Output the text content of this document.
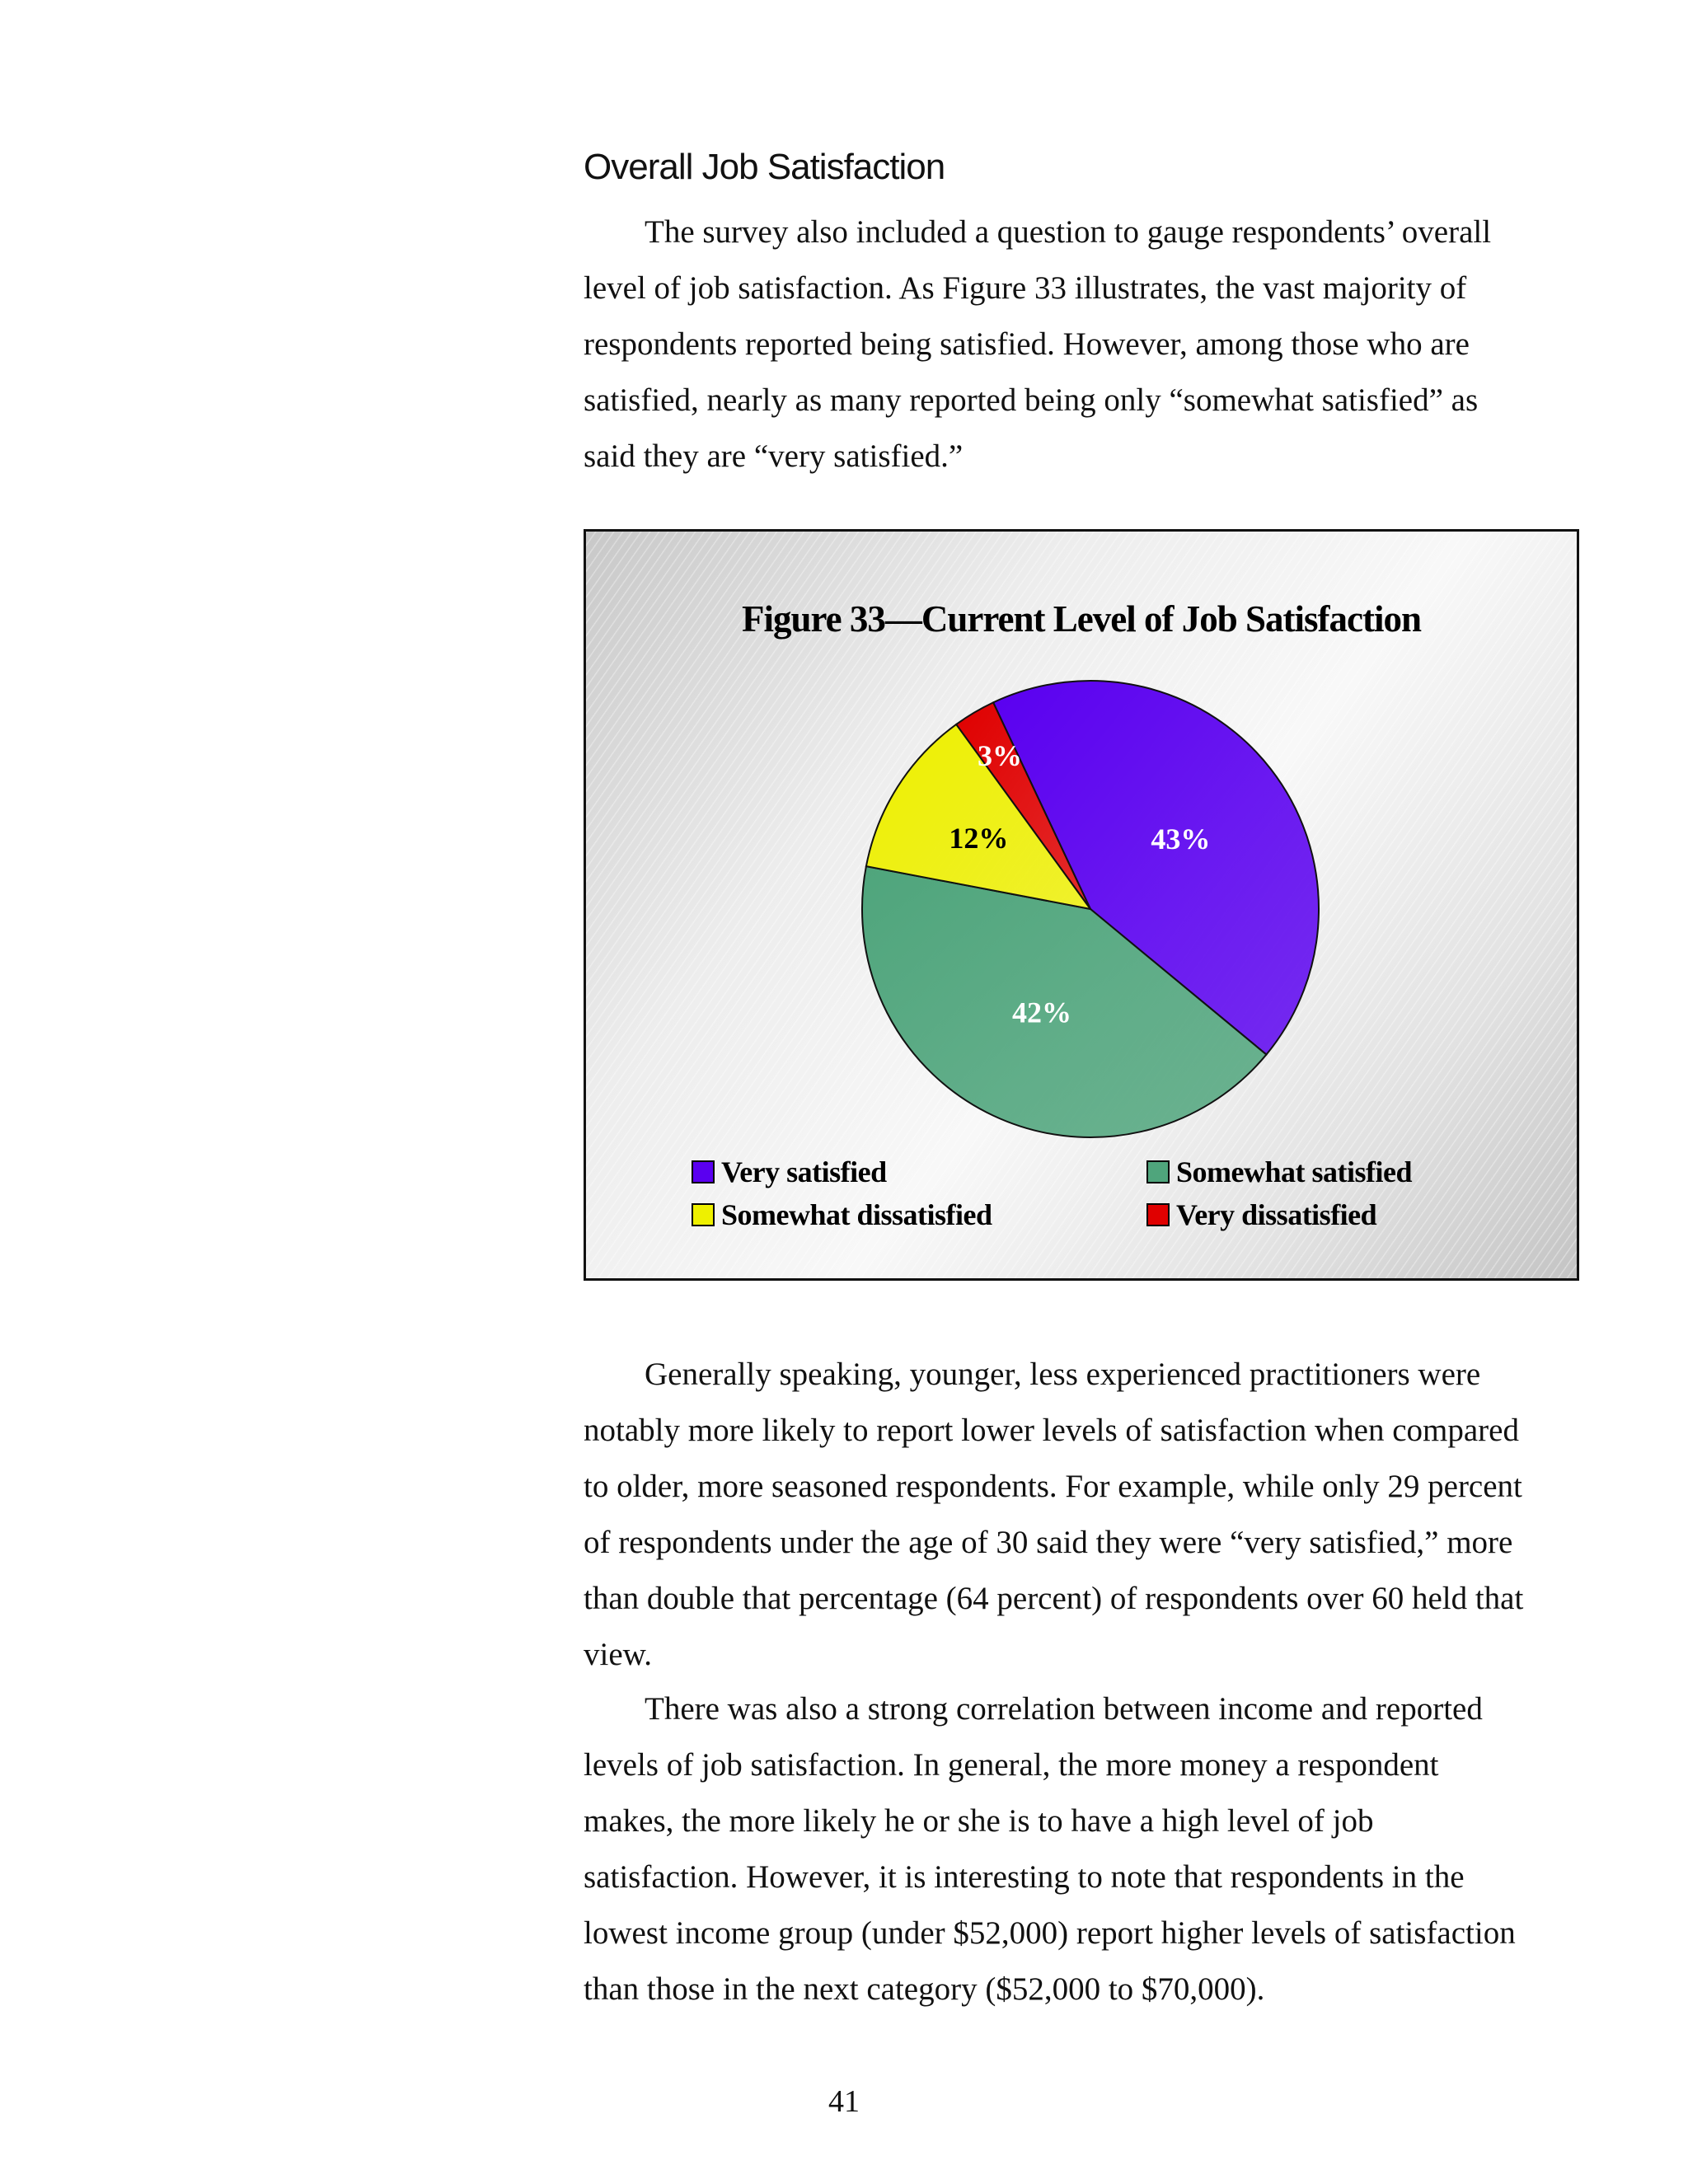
Overall Job Satisfaction

The survey also included a question to gauge respondents’ overall level of job satisfaction. As Figure 33 illustrates, the vast majority of respondents reported being satisfied. However, among those who are satisfied, nearly as many reported being only “somewhat satisfied” as said they are “very satisfied.”

Figure 33—Current Level of Job Satisfaction
43%
42%
12%
3%
Very satisfied	Somewhat satisfied
Somewhat dissatisfied	Very dissatisfied

Generally speaking, younger, less experienced practitioners were notably more likely to report lower levels of satisfaction when compared to older, more seasoned respondents. For example, while only 29 percent of respondents under the age of 30 said they were “very satisfied,” more than double that percentage (64 percent) of respondents over 60 held that view.

There was also a strong correlation between income and reported levels of job satisfaction. In general, the more money a respondent makes, the more likely he or she is to have a high level of job satisfaction. However, it is interesting to note that respondents in the lowest income group (under $52,000) report higher levels of satisfaction than those in the next category ($52,000 to $70,000).

41
